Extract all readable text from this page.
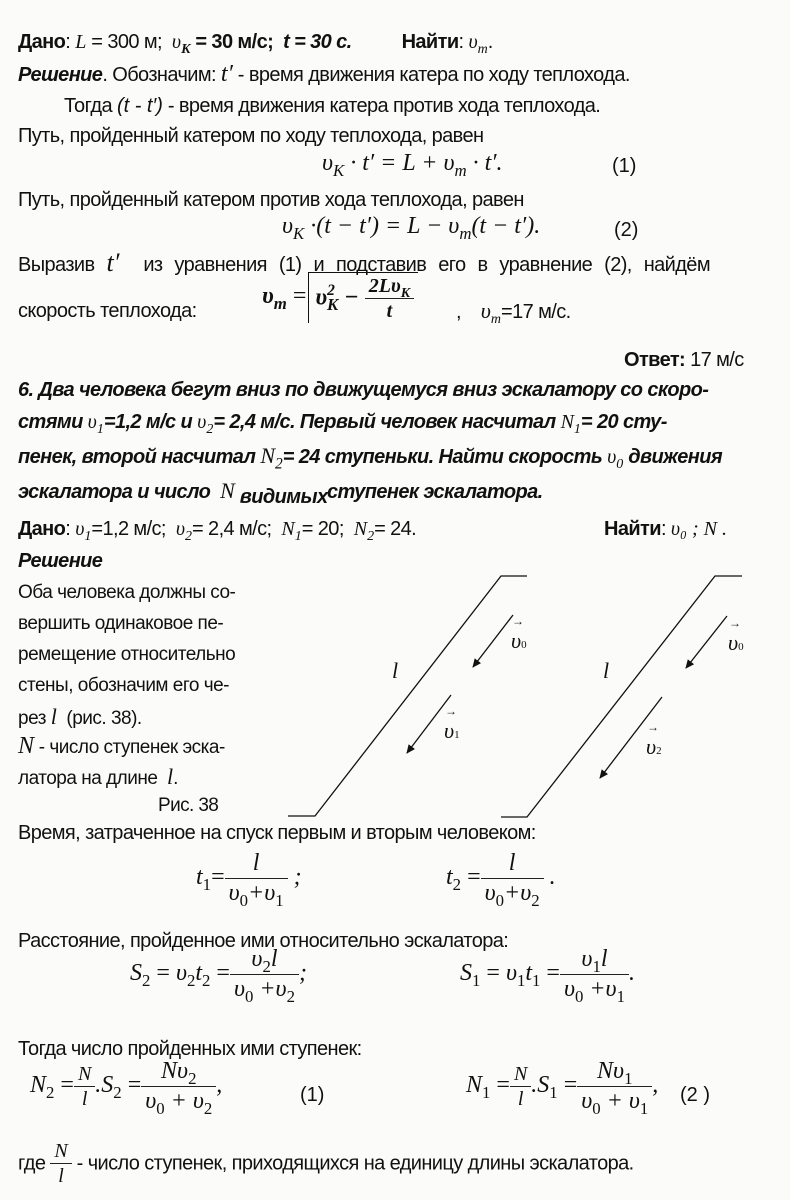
Дано: L = 300 м; $\upsilon_K = 30$ м/с; t = 30 с. Найти: $\upsilon_m$.
Решение. Обозначим: t′ - время движения катера по ходу теплохода.
Тогда (t - t′) - время движения катера против хода теплохода.
Путь, пройденный катером по ходу теплохода, равен
$\upsilon_K \cdot t' = L + \upsilon_m \cdot t'$.	(1)
Путь, пройденный катером против хода теплохода, равен
$\upsilon_K \cdot(t - t') = L - \upsilon_m(t - t')$.	(2)
Выразив t′ из уравнения (1) и подставив его в уравнение (2), найдём
скорость теплохода:
$\upsilon_m = \upsilon^2_K - \frac{2L\upsilon_K}{t}$ ,    $\upsilon_m=17$ м/с.
Ответ: 17 м/с
6. Два человека бегут вниз по движущемуся вниз эскалатору со скоро-
стями $\upsilon_1=1,2$ м/с и $\upsilon_2= 2,4$ м/с. Первый человек насчитал $N_1= 20$ сту-
пенек, второй насчитал $N_2= 24$ ступеньки. Найти скорость $\upsilon_0$ движения
эскалатора и число N видимыхступенек эскалатора.
Дано: $\upsilon_1=1,2$ м/с; $\upsilon_2= 2,4$ м/с; $N_1= 20$; $N_2= 24$.	Найти: υ₀ ; N .
Решение
Оба человека должны со-
вершить одинаковое пе-
ремещение относительно
стены, обозначим его че-
рез l (рис. 38).
N - число ступенек эска-
латора на длине l.
Рис. 38
l	l
→ υ0
→ υ1
→ υ0
→ υ2
Время, затраченное на спуск первым и вторым человеком:
$t_1= \frac{l}{\upsilon_0+\upsilon_1}$ ;	$t_2 = \frac{l}{\upsilon_0+\upsilon_2}$ .
Расстояние, пройденное ими относительно эскалатора:
$S_2 = \upsilon_2t_2 = \frac{\upsilon_2l}{\upsilon_0 +\upsilon_2}$ ;	$S_1 = \upsilon_1t_1 = \frac{\upsilon_1l}{\upsilon_0 +\upsilon_1}$ .
Тогда число пройденных ими ступенек:
$N_2 = \frac{N}{l} .S_2 = \frac{N\upsilon_2}{\upsilon_0 + \upsilon_2}$ ,	(1)	$N_1 = \frac{N}{l} .S_1 = \frac{N\upsilon_1}{\upsilon_0 + \upsilon_1}$ , (2 )
где $\frac{N}{l}$ - число ступенек, приходящихся на единицу длины эскалатора.
